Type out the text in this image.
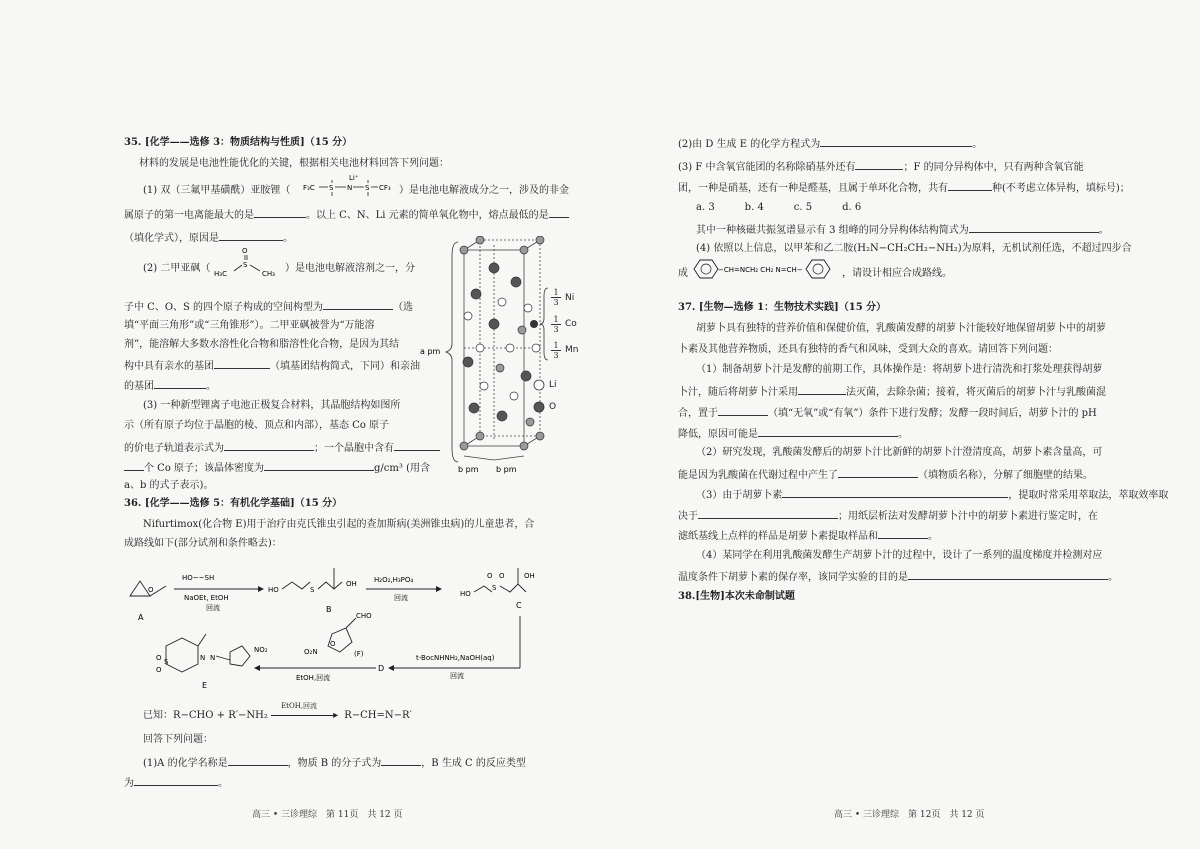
35. [化学——选修 3：物质结构与性质]（15 分）
材料的发展是电池性能优化的关键，根据相关电池材料回答下列问题：
(1) 双（三氟甲基磺酰）亚胺锂（ F₃C S N
Li⁺
S CF₃ ）是电池电解液成分之一，涉及的非金
属原子的第一电离能最大的是	。以上 C、N、Li 元素的简单氧化物中，熔点最低的是
（填化学式），原因是	。
(2) 二甲亚砜（
O
S
H₃C	CH₃ ）是电池电解液溶剂之一，分
子中 C、O、S 的四个原子构成的空间构型为	（选
填“平面三角形”或“三角锥形”）。二甲亚砜被誉为“万能溶
剂”，能溶解大多数水溶性化合物和脂溶性化合物，是因为其结
构中具有亲水的基团	（填基团结构简式，下同）和亲油
的基团	。
(3) 一种新型锂离子电池正极复合材料，其晶胞结构如图所
示（所有原子均位于晶胞的棱、顶点和内部），基态 Co 原子
的价电子轨道表示式为	；一个晶胞中含有
个 Co 原子；该晶体密度为	g/cm³ (用含
a、b 的式子表示)。
a pm
b pm b pm
$\frac{1}{3}$ Ni
$\frac{1}{3}$ Co
$\frac{1}{3}$ Mn
Li
O
36. [化学——选修 5：有机化学基础]（15 分）
Nifurtimox(化合物 E)用于治疗由克氏锥虫引起的查加斯病(美洲锥虫病)的儿童患者，合
成路线如下(部分试剂和条件略去)：
O
A
HO~~SH
NaOEt, EtOH
回流
HO	S
OH
B
H₂O₂,H₃PO₄
回流	HO
S
O O	OH
C
t-BocNHNH₂,NaOH(aq)
回流
D
O
CHO
O₂N	(F)
EtOH,回流
O
O
S	N N
NO₂
E
已知：R−CHO + R′−NH₂
EtOH,回流
▸ R−CH=N−R′
回答下列问题：
(1)A 的化学名称是	，物质 B 的分子式为	，B 生成 C 的反应类型
为	。
高三 • 三诊理综　第 11页　共 12 页
(2)由 D 生成 E 的化学方程式为	。
(3) F 中含氧官能团的名称除硝基外还有	；F 的同分异构体中，只有两种含氧官能
团，一种是硝基，还有一种是醛基，且属于单环化合物，共有	种(不考虑立体异构，填标号)；
a. 3　　　b. 4　　　c. 5　　　d. 6
其中一种核磁共振氢谱显示有 3 组峰的同分异构体结构简式为	。
(4) 依照以上信息，以甲苯和乙二胺(H₂N−CH₂CH₂−NH₂)为原料，无机试剂任选，不超过四步合
成	−CH=NCH₂ CH₂ N=CH−	，请设计相应合成路线。
37. [生物—选修 1：生物技术实践]（15 分）
胡萝卜具有独特的营养价值和保健价值，乳酸菌发酵的胡萝卜汁能较好地保留胡萝卜中的胡萝
卜素及其他营养物质，还具有独特的香气和风味，受到大众的喜欢。请回答下列问题：
（1）制备胡萝卜汁是发酵的前期工作，具体操作是：将胡萝卜进行清洗和打浆处理获得胡萝
卜汁，随后将胡萝卜汁采用	法灭菌，去除杂菌；接着，将灭菌后的胡萝卜汁与乳酸菌混
合，置于	（填“无氧”或“有氧”）条件下进行发酵；发酵一段时间后，胡萝卜汁的 pH
降低，原因可能是	。
（2）研究发现，乳酸菌发酵后的胡萝卜汁比新鲜的胡萝卜汁澄清度高，胡萝卜素含量高，可
能是因为乳酸菌在代谢过程中产生了	（填物质名称），分解了细胞壁的结果。
（3）由于胡萝卜素	，提取时常采用萃取法，萃取效率取
决于	；用纸层析法对发酵胡萝卜汁中的胡萝卜素进行鉴定时，在
滤纸基线上点样的样品是胡萝卜素提取样品和	。
（4）某同学在利用乳酸菌发酵生产胡萝卜汁的过程中，设计了一系列的温度梯度并检测对应
温度条件下胡萝卜素的保存率，该同学实验的目的是	。
38.[生物]本次未命制试题
高三 • 三诊理综　第 12页　共 12 页
